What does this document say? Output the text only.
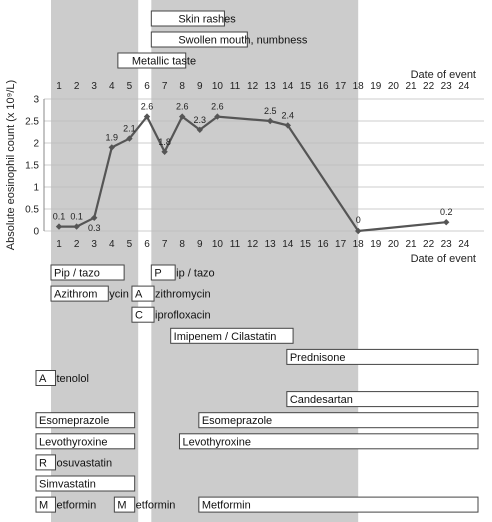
Skin rashes
Swollen mouth, numbness
Metallic taste
1 2 3 4 5 6 7 8 9 10 11 12 13 14 15 16 17 18 19 20 21 22 23 24
Date of event
0
0.5
1
1.5
2
2.5
3
Absolute eosinophil count (x 10⁹/L)	0.1 0.1
0.3
1.9
2.1
2.6
1.8
2.6
2.3
2.6	2.5 2.4
0
0.2
1 2 3 4 5 6 7 8 9 10 11 12 13 14 15 16 17 18 19 20 21 22 23 24
Date of event
Pip / tazo	P ip / tazo
Azithrom ycin A zithromycin
C iprofloxacin
Imipenem / Cilastatin
Prednisone
A tenolol
Candesartan
Esomeprazole	Esomeprazole
Levothyroxine	Levothyroxine
R osuvastatin
Simvastatin
M etformin M etformin Metformin
